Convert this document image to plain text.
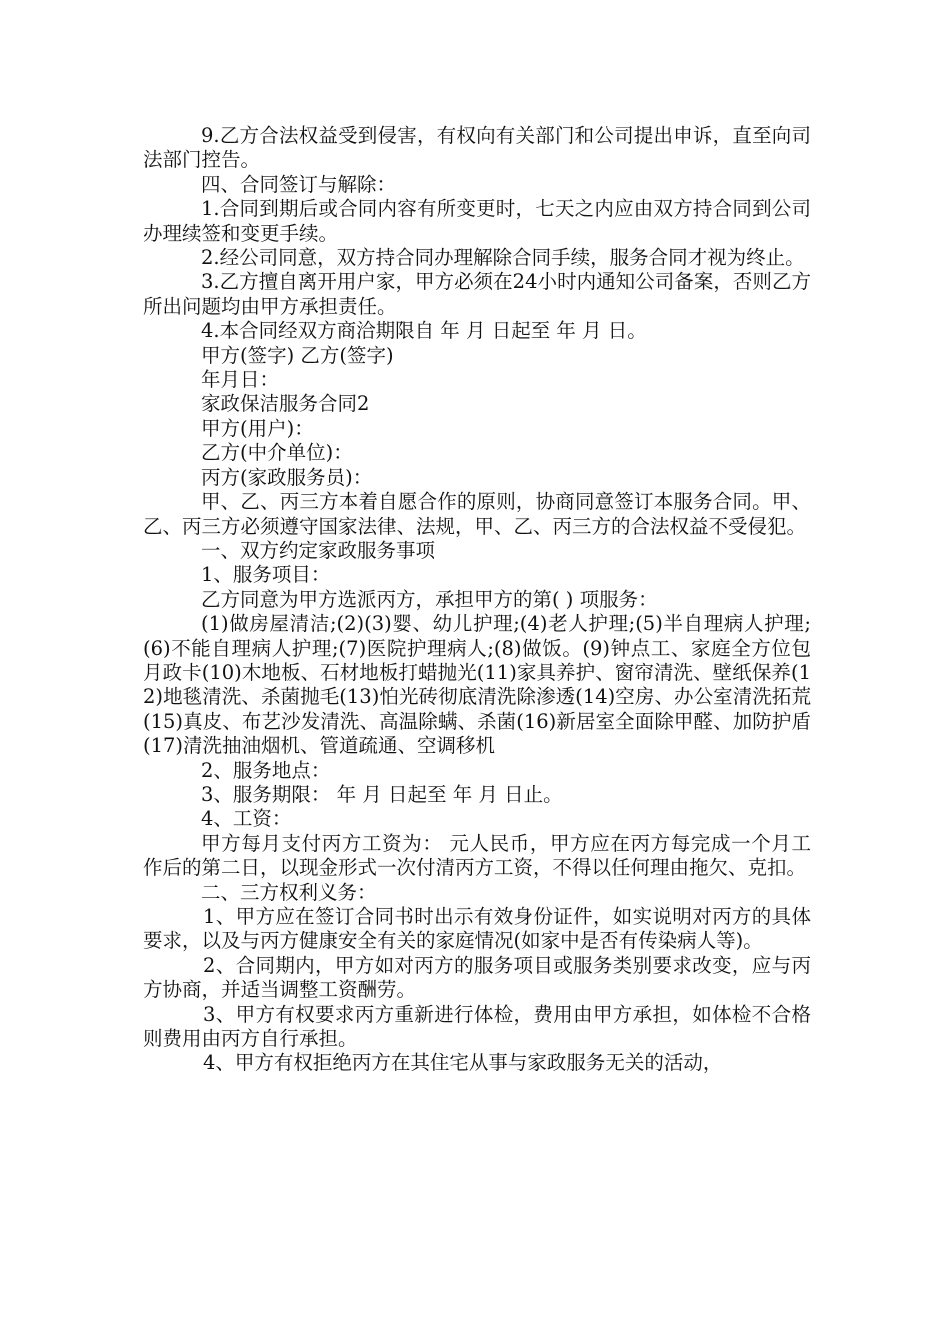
9.乙方合法权益受到侵害，有权向有关部门和公司提出申诉，直至向司法部门控告。

四、合同签订与解除：

1.合同到期后或合同内容有所变更时，七天之内应由双方持合同到公司办理续签和变更手续。

2.经公司同意，双方持合同办理解除合同手续，服务合同才视为终止。

3.乙方擅自离开用户家，甲方必须在24小时内通知公司备案，否则乙方所出问题均由甲方承担责任。

4.本合同经双方商洽期限自 年 月 日起至 年 月 日。

甲方(签字) 乙方(签字)

年月日：

家政保洁服务合同2

甲方(用户)：

乙方(中介单位)：

丙方(家政服务员)：

甲、乙、丙三方本着自愿合作的原则，协商同意签订本服务合同。甲、乙、丙三方必须遵守国家法律、法规，甲、乙、丙三方的合法权益不受侵犯。

一、双方约定家政服务事项

1、服务项目：

乙方同意为甲方选派丙方，承担甲方的第( ) 项服务：

(1)做房屋清洁;(2)(3)婴、幼儿护理;(4)老人护理;(5)半自理病人护理;(6)不能自理病人护理;(7)医院护理病人;(8)做饭。(9)钟点工、家庭全方位包月政卡(10)木地板、石材地板打蜡抛光(11)家具养护、窗帘清洗、壁纸保养(12)地毯清洗、杀菌抛毛(13)怕光砖彻底清洗除渗透(14)空房、办公室清洗拓荒(15)真皮、布艺沙发清洗、高温除螨、杀菌(16)新居室全面除甲醛、加防护盾(17)清洗抽油烟机、管道疏通、空调移机

2、服务地点：

3、服务期限： 年 月 日起至 年 月 日止。

4、工资：

甲方每月支付丙方工资为： 元人民币，甲方应在丙方每完成一个月工作后的第二日，以现金形式一次付清丙方工资，不得以任何理由拖欠、克扣。

二、三方权利义务：

1、甲方应在签订合同书时出示有效身份证件，如实说明对丙方的具体要求，以及与丙方健康安全有关的家庭情况(如家中是否有传染病人等)。

2、合同期内，甲方如对丙方的服务项目或服务类别要求改变，应与丙方协商，并适当调整工资酬劳。

3、甲方有权要求丙方重新进行体检，费用由甲方承担，如体检不合格则费用由丙方自行承担。

4、甲方有权拒绝丙方在其住宅从事与家政服务无关的活动，
